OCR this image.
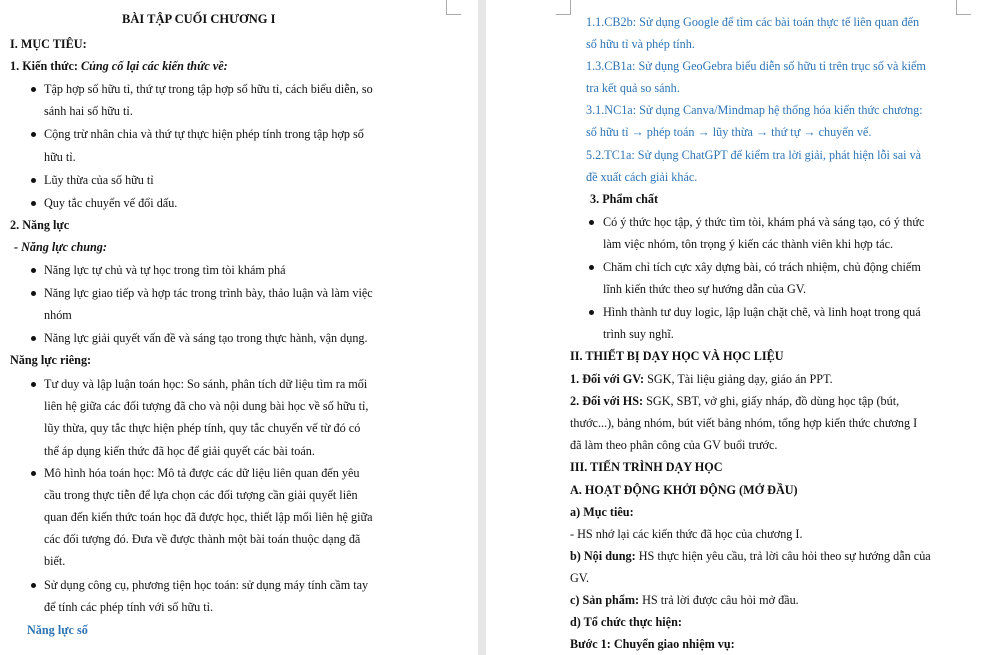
BÀI TẬP CUỐI CHƯƠNG I
I. MỤC TIÊU:
1. Kiến thức: Củng cố lại các kiến thức về:
Tập hợp số hữu tỉ, thứ tự trong tập hợp số hữu tỉ, cách biểu diễn, so
sánh hai số hữu tỉ.
Cộng trừ nhân chia và thứ tự thực hiện phép tính trong tập hợp số
hữu tỉ.
Lũy thừa của số hữu tỉ
Quy tắc chuyển vế đổi dấu.
2. Năng lực
- Năng lực chung:
Năng lực tự chủ và tự học trong tìm tòi khám phá
Năng lực giao tiếp và hợp tác trong trình bày, thảo luận và làm việc
nhóm
Năng lực giải quyết vấn đề và sáng tạo trong thực hành, vận dụng.
Năng lực riêng:
Tư duy và lập luận toán học: So sánh, phân tích dữ liệu tìm ra mối
liên hệ giữa các đối tượng đã cho và nội dung bài học về số hữu tỉ,
lũy thừa, quy tắc thực hiện phép tính, quy tắc chuyển vế từ đó có
thể áp dụng kiến thức đã học để giải quyết các bài toán.
Mô hình hóa toán học: Mô tả được các dữ liệu liên quan đến yêu
cầu trong thực tiễn để lựa chọn các đối tượng cần giải quyết liên
quan đến kiến thức toán học đã được học, thiết lập mối liên hệ giữa
các đối tượng đó. Đưa về được thành một bài toán thuộc dạng đã
biết.
Sử dụng công cụ, phương tiện học toán: sử dụng máy tính cầm tay
để tính các phép tính với số hữu tỉ.
Năng lực số
1.1.CB2b: Sử dụng Google để tìm các bài toán thực tế liên quan đến
số hữu tỉ và phép tính.
1.3.CB1a: Sử dụng GeoGebra biểu diễn số hữu tỉ trên trục số và kiểm
tra kết quả so sánh.
3.1.NC1a: Sử dụng Canva/Mindmap hệ thống hóa kiến thức chương:
số hữu tỉ → phép toán → lũy thừa → thứ tự → chuyển vế.
5.2.TC1a: Sử dụng ChatGPT để kiểm tra lời giải, phát hiện lỗi sai và
đề xuất cách giải khác.
3. Phẩm chất
Có ý thức học tập, ý thức tìm tòi, khám phá và sáng tạo, có ý thức
làm việc nhóm, tôn trọng ý kiến các thành viên khi hợp tác.
Chăm chỉ tích cực xây dựng bài, có trách nhiệm, chủ động chiếm
lĩnh kiến thức theo sự hướng dẫn của GV.
Hình thành tư duy logic, lập luận chặt chẽ, và linh hoạt trong quá
trình suy nghĩ.
II. THIẾT BỊ DẠY HỌC VÀ HỌC LIỆU
1. Đối với GV: SGK, Tài liệu giảng dạy, giáo án PPT.
2. Đối với HS: SGK, SBT, vở ghi, giấy nháp, đồ dùng học tập (bút,
thước...), bảng nhóm, bút viết bảng nhóm, tổng hợp kiến thức chương I
đã làm theo phân công của GV buổi trước.
III. TIẾN TRÌNH DẠY HỌC
A. HOẠT ĐỘNG KHỞI ĐỘNG (MỞ ĐẦU)
a) Mục tiêu:
- HS nhớ lại các kiến thức đã học của chương I.
b) Nội dung: HS thực hiện yêu cầu, trả lời câu hỏi theo sự hướng dẫn của
GV.
c) Sản phẩm: HS trả lời được câu hỏi mở đầu.
d) Tổ chức thực hiện:
Bước 1: Chuyển giao nhiệm vụ:
